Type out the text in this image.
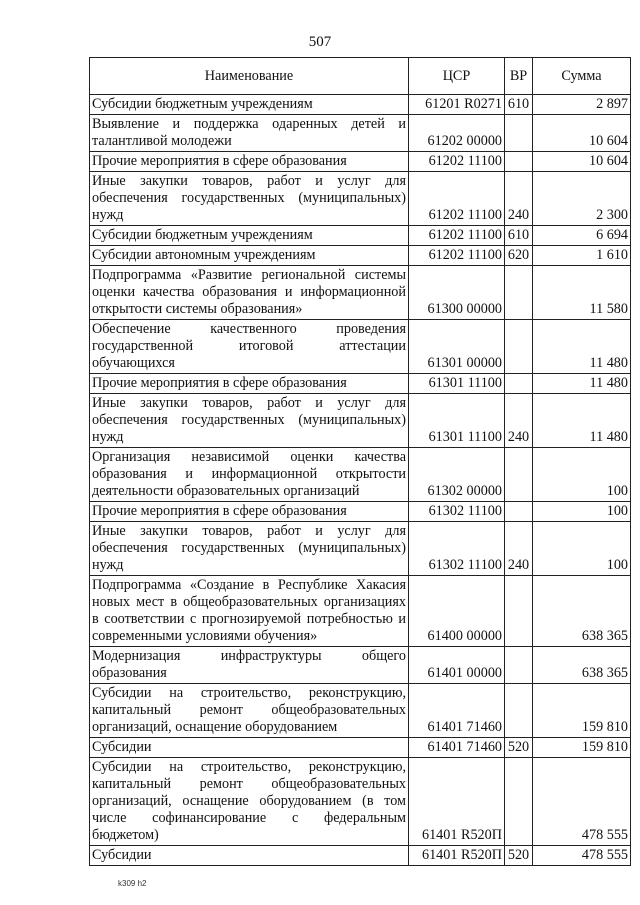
507
Наименование	ЦСР	ВР	Сумма
Субсидии бюджетным учреждениям	61201 R0271	610	2 897
Выявление и поддержка одаренных детей и талантливой молодежи	61202 00000		10 604
Прочие мероприятия в сфере образования	61202 11100		10 604
Иные закупки товаров, работ и услуг для обеспечения государственных (муниципальных) нужд	61202 11100	240	2 300
Субсидии бюджетным учреждениям	61202 11100	610	6 694
Субсидии автономным учреждениям	61202 11100	620	1 610
Подпрограмма «Развитие региональной системы оценки качества образования и информационной открытости системы образования»	61300 00000		11 580
Обеспечение качественного проведения государственной итоговой аттестации обучающихся	61301 00000		11 480
Прочие мероприятия в сфере образования	61301 11100		11 480
Иные закупки товаров, работ и услуг для обеспечения государственных (муниципальных) нужд	61301 11100	240	11 480
Организация независимой оценки качества образования и информационной открытости деятельности образовательных организаций	61302 00000		100
Прочие мероприятия в сфере образования	61302 11100		100
Иные закупки товаров, работ и услуг для обеспечения государственных (муниципальных) нужд	61302 11100	240	100
Подпрограмма «Создание в Республике Хакасия новых мест в общеобразовательных организациях в соответствии с прогнозируемой потребностью и современными условиями обучения»	61400 00000		638 365
Модернизация инфраструктуры общего образования	61401 00000		638 365
Субсидии на строительство, реконструкцию, капитальный ремонт общеобразовательных организаций, оснащение оборудованием	61401 71460		159 810
Субсидии	61401 71460	520	159 810
Субсидии на строительство, реконструкцию, капитальный ремонт общеобразовательных организаций, оснащение оборудованием (в том числе софинансирование с федеральным бюджетом)	61401 R520П		478 555
Субсидии	61401 R520П	520	478 555
k309 h2
